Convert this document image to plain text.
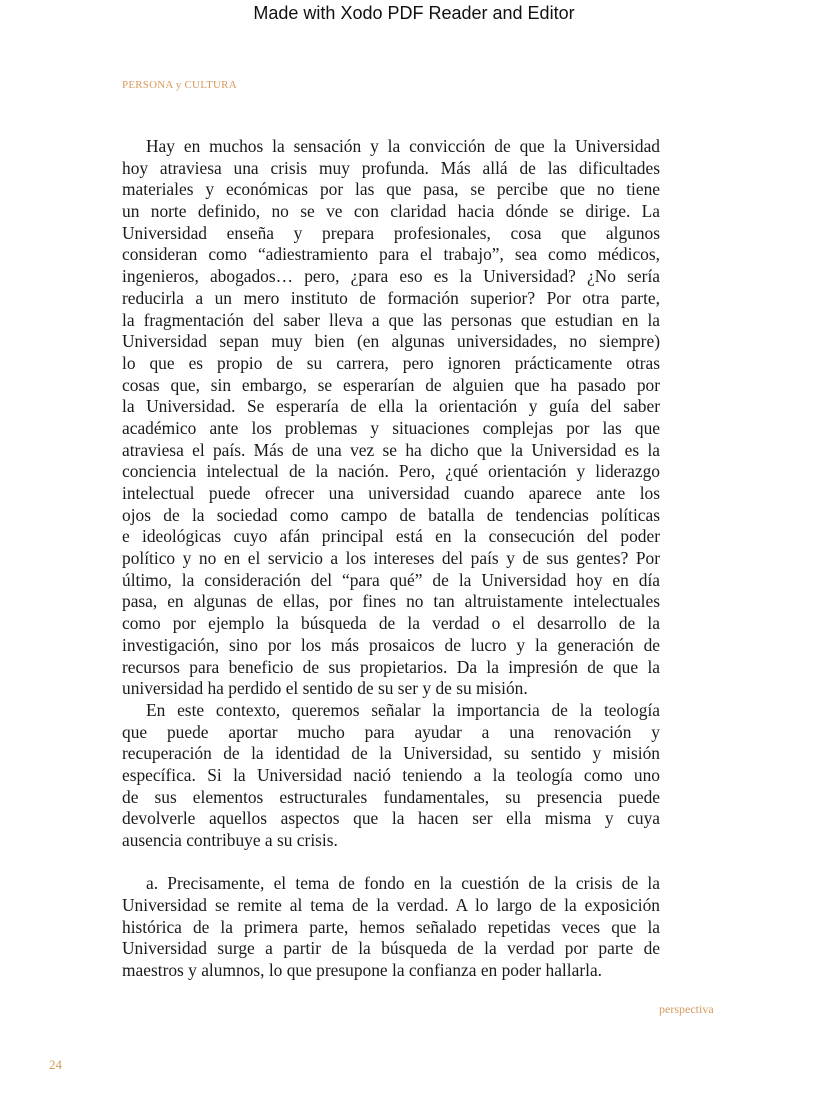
Made with Xodo PDF Reader and Editor
PERSONA y CULTURA
Hay en muchos la sensación y la convicción de que la Universidad
hoy atraviesa una crisis muy profunda. Más allá de las dificultades
materiales y económicas por las que pasa, se percibe que no tiene
un norte definido, no se ve con claridad hacia dónde se dirige. La
Universidad enseña y prepara profesionales, cosa que algunos
consideran como “adiestramiento para el trabajo”, sea como médicos,
ingenieros, abogados… pero, ¿para eso es la Universidad? ¿No sería
reducirla a un mero instituto de formación superior? Por otra parte,
la fragmentación del saber lleva a que las personas que estudian en la
Universidad sepan muy bien (en algunas universidades, no siempre)
lo que es propio de su carrera, pero ignoren prácticamente otras
cosas que, sin embargo, se esperarían de alguien que ha pasado por
la Universidad. Se esperaría de ella la orientación y guía del saber
académico ante los problemas y situaciones complejas por las que
atraviesa el país. Más de una vez se ha dicho que la Universidad es la
conciencia intelectual de la nación. Pero, ¿qué orientación y liderazgo
intelectual puede ofrecer una universidad cuando aparece ante los
ojos de la sociedad como campo de batalla de tendencias políticas
e ideológicas cuyo afán principal está en la consecución del poder
político y no en el servicio a los intereses del país y de sus gentes? Por
último, la consideración del “para qué” de la Universidad hoy en día
pasa, en algunas de ellas, por fines no tan altruistamente intelectuales
como por ejemplo la búsqueda de la verdad o el desarrollo de la
investigación, sino por los más prosaicos de lucro y la generación de
recursos para beneficio de sus propietarios. Da la impresión de que la
universidad ha perdido el sentido de su ser y de su misión.
En este contexto, queremos señalar la importancia de la teología
que puede aportar mucho para ayudar a una renovación y
recuperación de la identidad de la Universidad, su sentido y misión
específica. Si la Universidad nació teniendo a la teología como uno
de sus elementos estructurales fundamentales, su presencia puede
devolverle aquellos aspectos que la hacen ser ella misma y cuya
ausencia contribuye a su crisis.
a. Precisamente, el tema de fondo en la cuestión de la crisis de la
Universidad se remite al tema de la verdad. A lo largo de la exposición
histórica de la primera parte, hemos señalado repetidas veces que la
Universidad surge a partir de la búsqueda de la verdad por parte de
maestros y alumnos, lo que presupone la confianza en poder hallarla.
perspectiva
24
